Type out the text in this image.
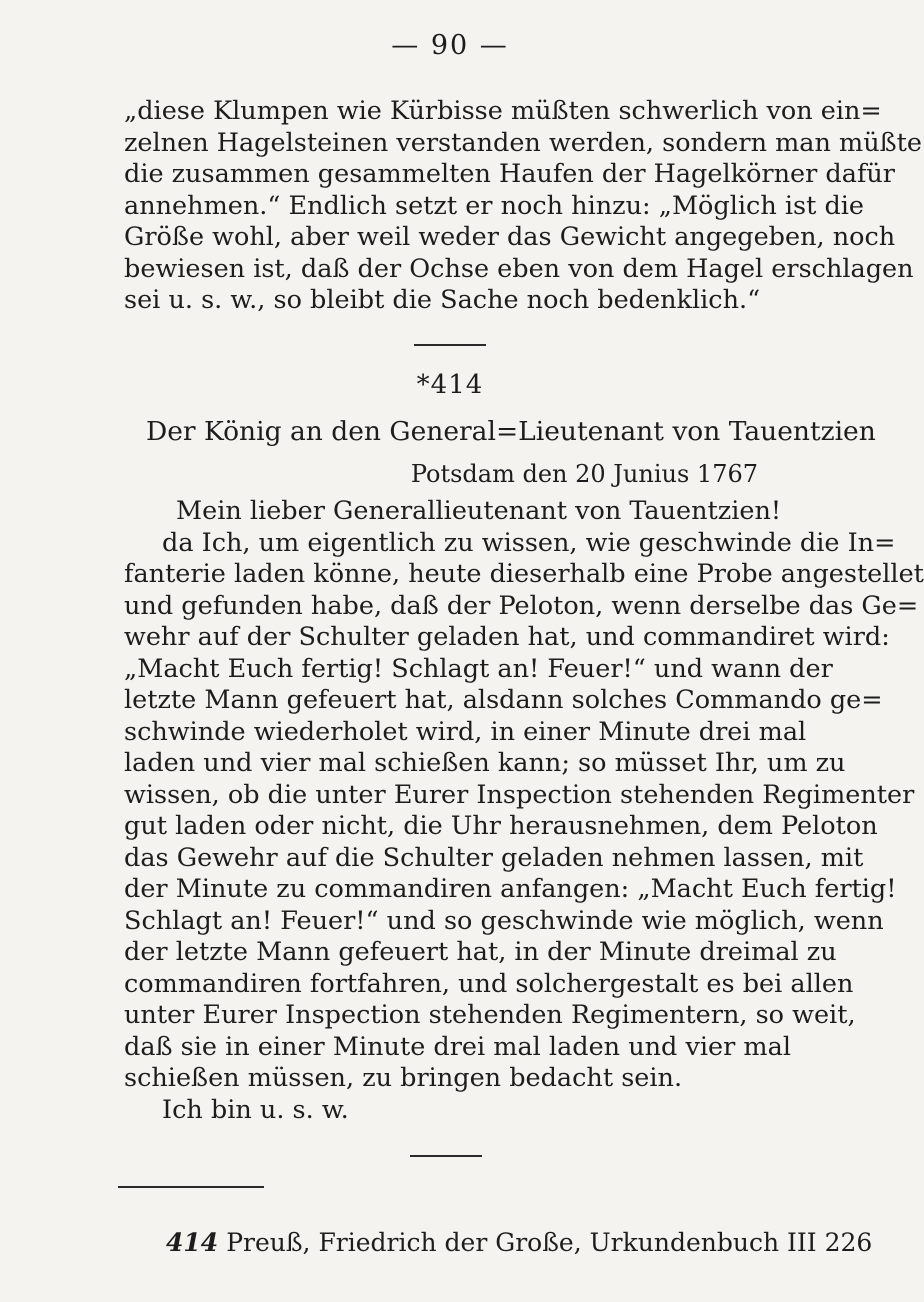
— 90 —
„diese Klumpen wie Kürbisse müßten schwerlich von ein=
zelnen Hagelsteinen verstanden werden, sondern man müßte
die zusammen gesammelten Haufen der Hagelkörner dafür
annehmen.“ Endlich setzt er noch hinzu: „Möglich ist die
Größe wohl, aber weil weder das Gewicht angegeben, noch
bewiesen ist, daß der Ochse eben von dem Hagel erschlagen
sei u. s. w., so bleibt die Sache noch bedenklich.“
*414
Der König an den General=Lieutenant von Tauentzien
Potsdam den 20 Junius 1767
Mein lieber Generallieutenant von Tauentzien!
da Ich, um eigentlich zu wissen, wie geschwinde die In=
fanterie laden könne, heute dieserhalb eine Probe angestellet
und gefunden habe, daß der Peloton, wenn derselbe das Ge=
wehr auf der Schulter geladen hat, und commandiret wird:
„Macht Euch fertig! Schlagt an! Feuer!“ und wann der
letzte Mann gefeuert hat, alsdann solches Commando ge=
schwinde wiederholet wird, in einer Minute drei mal
laden und vier mal schießen kann; so müsset Ihr, um zu
wissen, ob die unter Eurer Inspection stehenden Regimenter
gut laden oder nicht, die Uhr herausnehmen, dem Peloton
das Gewehr auf die Schulter geladen nehmen lassen, mit
der Minute zu commandiren anfangen: „Macht Euch fertig!
Schlagt an! Feuer!“ und so geschwinde wie möglich, wenn
der letzte Mann gefeuert hat, in der Minute dreimal zu
commandiren fortfahren, und solchergestalt es bei allen
unter Eurer Inspection stehenden Regimentern, so weit,
daß sie in einer Minute drei mal laden und vier mal
schießen müssen, zu bringen bedacht sein.
Ich bin u. s. w.
414 Preuß, Friedrich der Große, Urkundenbuch III 226
